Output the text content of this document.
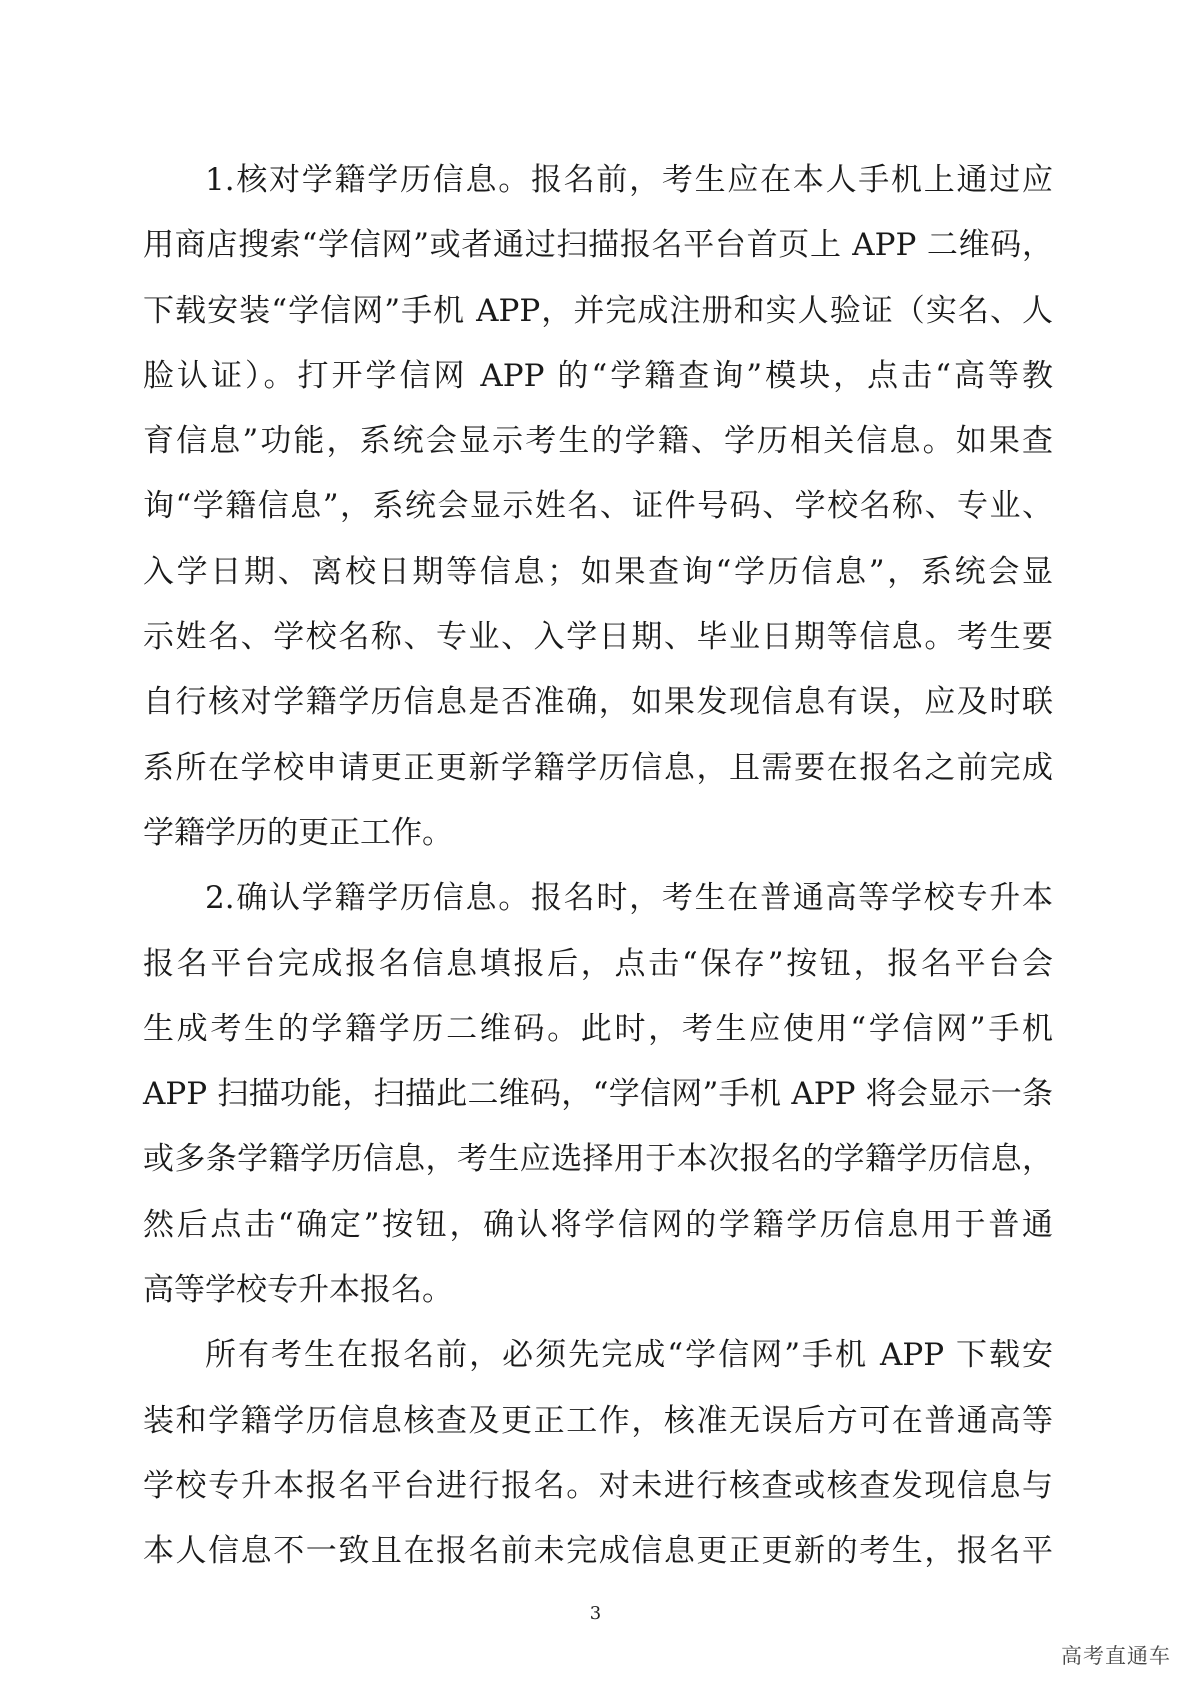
1.核对学籍学历信息。报名前，考生应在本人手机上通过应
用商店搜索“学信网”或者通过扫描报名平台首页上 APP 二维码，
下载安装“学信网”手机 APP，并完成注册和实人验证（实名、人
脸认证）。打开学信网 APP 的“学籍查询”模块，点击“高等教
育信息”功能，系统会显示考生的学籍、学历相关信息。如果查
询“学籍信息”，系统会显示姓名、证件号码、学校名称、专业、
入学日期、离校日期等信息；如果查询“学历信息”，系统会显
示姓名、学校名称、专业、入学日期、毕业日期等信息。考生要
自行核对学籍学历信息是否准确，如果发现信息有误，应及时联
系所在学校申请更正更新学籍学历信息，且需要在报名之前完成
学籍学历的更正工作。
2.确认学籍学历信息。报名时，考生在普通高等学校专升本
报名平台完成报名信息填报后，点击“保存”按钮，报名平台会
生成考生的学籍学历二维码。此时，考生应使用“学信网”手机
APP 扫描功能，扫描此二维码，“学信网”手机 APP 将会显示一条
或多条学籍学历信息，考生应选择用于本次报名的学籍学历信息，
然后点击“确定”按钮，确认将学信网的学籍学历信息用于普通
高等学校专升本报名。
所有考生在报名前，必须先完成“学信网”手机 APP 下载安
装和学籍学历信息核查及更正工作，核准无误后方可在普通高等
学校专升本报名平台进行报名。对未进行核查或核查发现信息与
本人信息不一致且在报名前未完成信息更正更新的考生，报名平
3
高考直通车
